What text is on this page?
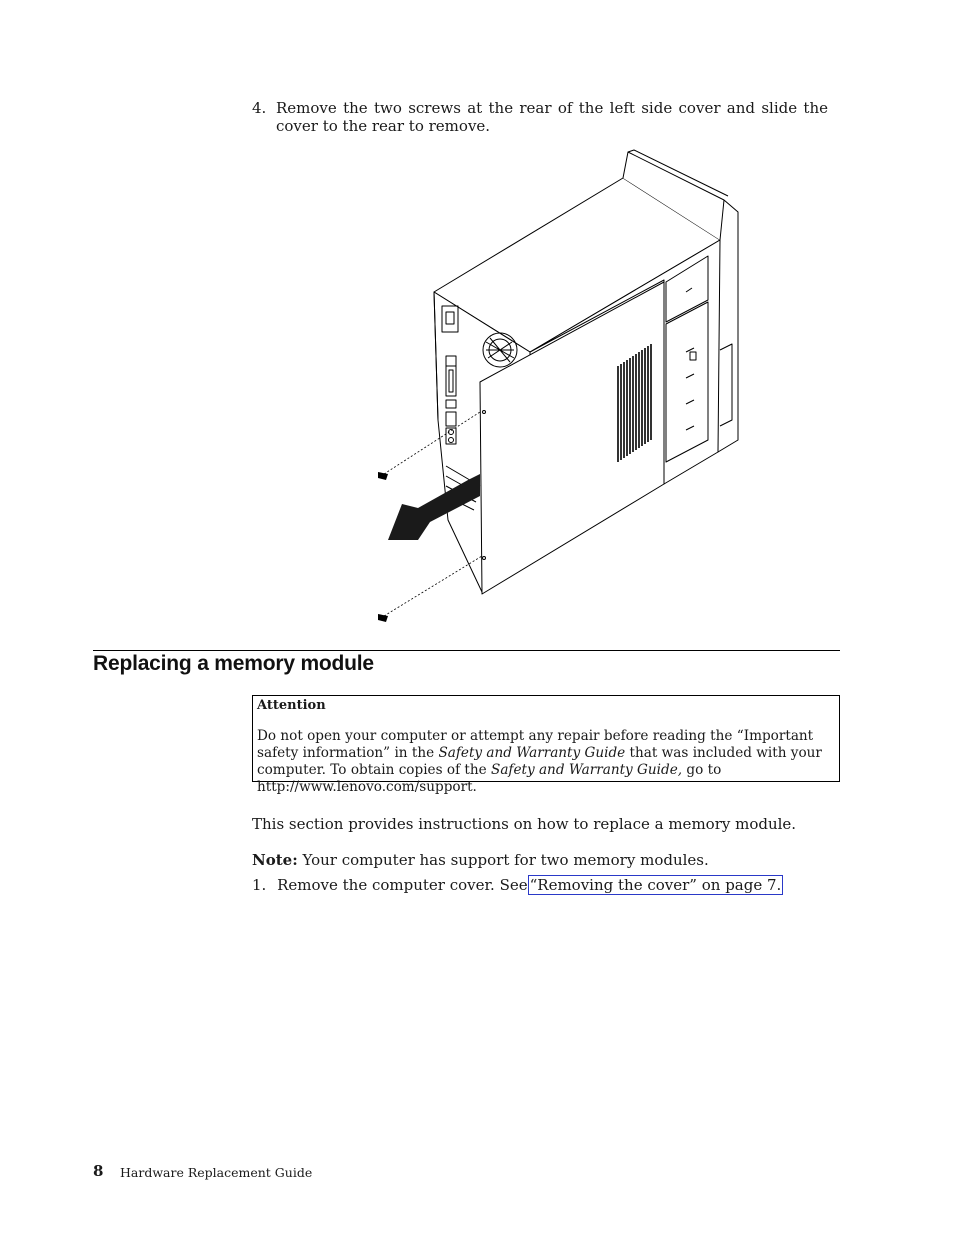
4. Remove the two screws at the rear of the left side cover and slide the cover to the rear to remove.
Replacing a memory module
Attention
Do not open your computer or attempt any repair before reading the “Important safety information” in the Safety and Warranty Guide that was included with your computer. To obtain copies of the Safety and Warranty Guide, go to http://www.lenovo.com/support.
This section provides instructions on how to replace a memory module.
Note: Your computer has support for two memory modules.
1. Remove the computer cover. See “Removing the cover” on page 7.
8 Hardware Replacement Guide
